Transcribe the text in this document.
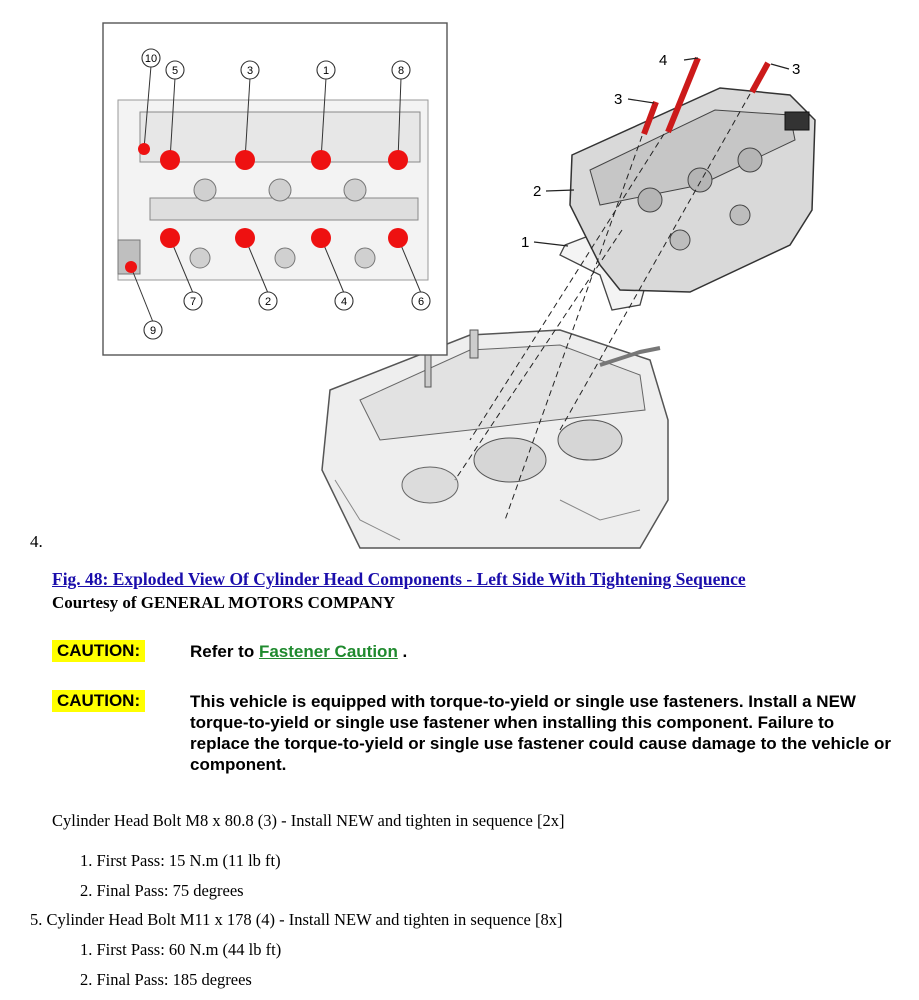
4
3
3
2
1
10
5	3	1	8
7	2	4	6
9
4.
Fig. 48: Exploded View Of Cylinder Head Components - Left Side With Tightening Sequence
Courtesy of GENERAL MOTORS COMPANY
CAUTION:	Refer to Fastener Caution .
CAUTION:	This vehicle is equipped with torque-to-yield or single use fasteners. Install a NEW torque-to-yield or single use fastener when installing this component. Failure to replace the torque-to-yield or single use fastener could cause damage to the vehicle or component.
Cylinder Head Bolt M8 x 80.8 (3) - Install NEW and tighten in sequence [2x]
1. First Pass: 15 N.m (11 lb ft)
2. Final Pass: 75 degrees
5. Cylinder Head Bolt M11 x 178 (4) - Install NEW and tighten in sequence [8x]
1. First Pass: 60 N.m (44 lb ft)
2. Final Pass: 185 degrees
